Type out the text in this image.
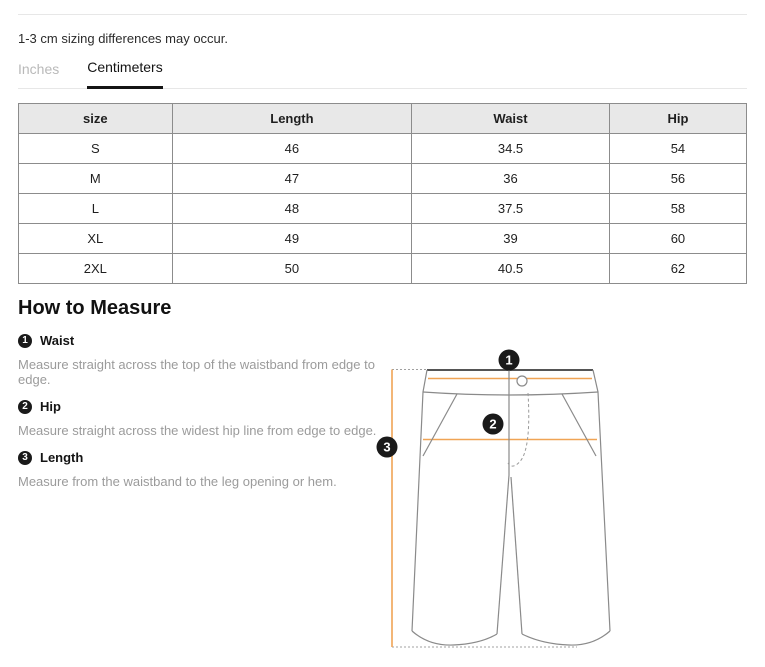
1-3 cm sizing differences may occur.

Inches Centimeters
size	Length	Waist	Hip
S	46	34.5	54
M	47	36	56
L	48	37.5	58
XL	49	39	60
2XL	50	40.5	62
How to Measure
1 Waist
Measure straight across the top of the waistband from edge to edge.
2 Hip
Measure straight across the widest hip line from edge to edge.
3 Length
Measure from the waistband to the leg opening or hem.
1
2
3
